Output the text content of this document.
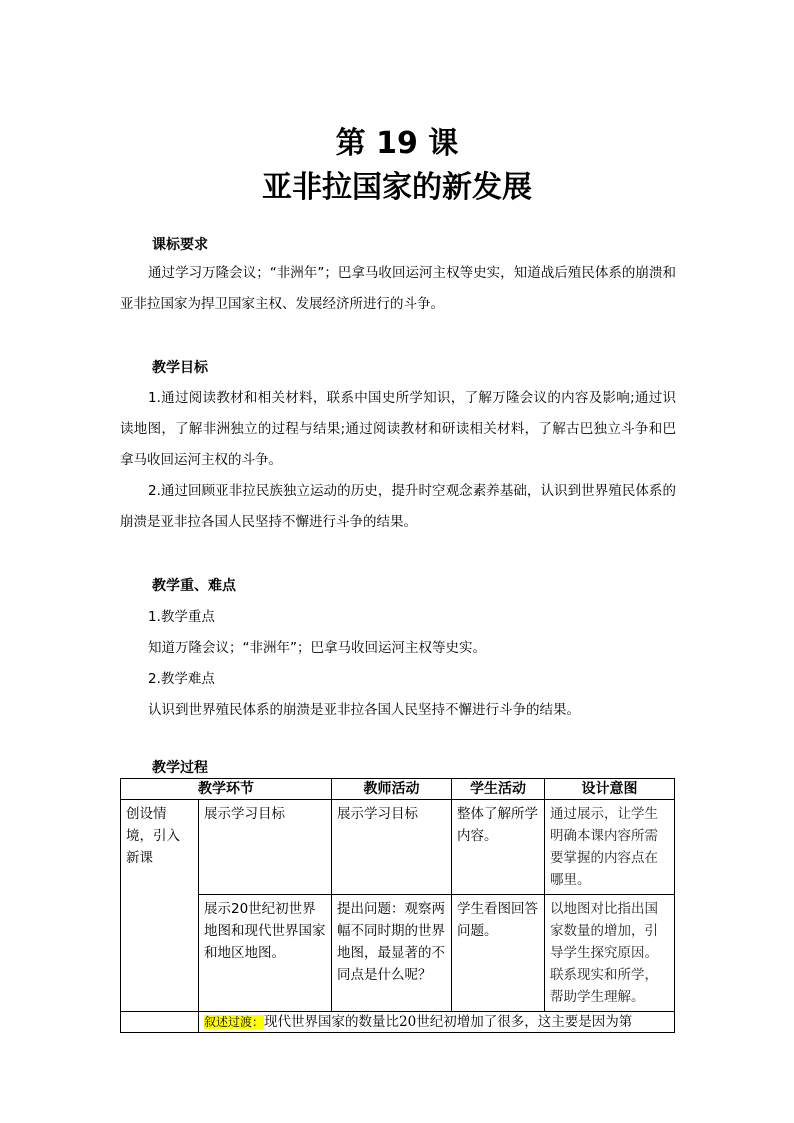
第 19 课
亚非拉国家的新发展
课标要求
通过学习万隆会议；“非洲年”；巴拿马收回运河主权等史实，知道战后殖民体系的崩溃和亚非拉国家为捍卫国家主权、发展经济所进行的斗争。
教学目标
1.通过阅读教材和相关材料，联系中国史所学知识，了解万隆会议的内容及影响;通过识读地图，了解非洲独立的过程与结果;通过阅读教材和研读相关材料，了解古巴独立斗争和巴拿马收回运河主权的斗争。
2.通过回顾亚非拉民族独立运动的历史，提升时空观念素养基础，认识到世界殖民体系的崩溃是亚非拉各国人民坚持不懈进行斗争的结果。
教学重、难点
1.教学重点
知道万隆会议；“非洲年”；巴拿马收回运河主权等史实。
2.教学难点
认识到世界殖民体系的崩溃是亚非拉各国人民坚持不懈进行斗争的结果。
教学过程
教学环节		教师活动	学生活动	设计意图
创设情境，引入新课	展示学习目标	展示学习目标	整体了解所学内容。	通过展示，让学生明确本课内容所需要掌握的内容点在哪里。
	展示20世纪初世界地图和现代世界国家和地区地图。	提出问题：观察两幅不同时期的世界地图，最显著的不同点是什么呢？	学生看图回答问题。	以地图对比指出国家数量的增加，引导学生探究原因。联系现实和所学，帮助学生理解。
	叙述过渡：现代世界国家的数量比20世纪初增加了很多，这主要是因为第			
